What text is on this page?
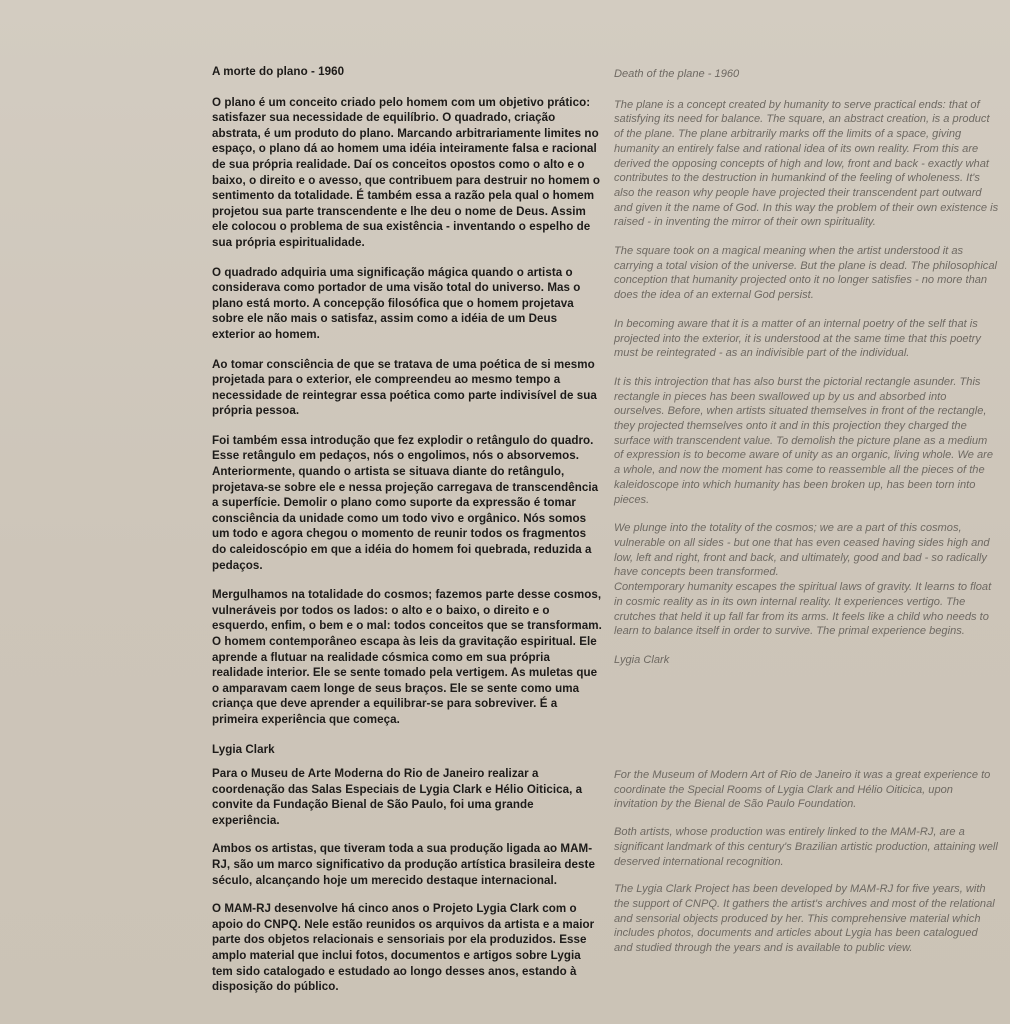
A morte do plano - 1960

O plano é um conceito criado pelo homem com um objetivo prático: satisfazer sua necessidade de equilíbrio. O quadrado, criação abstrata, é um produto do plano. Marcando arbitrariamente limites no espaço, o plano dá ao homem uma idéia inteiramente falsa e racional de sua própria realidade. Daí os conceitos opostos como o alto e o baixo, o direito e o avesso, que contribuem para destruir no homem o sentimento da totalidade. É também essa a razão pela qual o homem projetou sua parte transcendente e lhe deu o nome de Deus. Assim ele colocou o problema de sua existência - inventando o espelho de sua própria espiritualidade.

O quadrado adquiria uma significação mágica quando o artista o considerava como portador de uma visão total do universo. Mas o plano está morto. A concepção filosófica que o homem projetava sobre ele não mais o satisfaz, assim como a idéia de um Deus exterior ao homem.

Ao tomar consciência de que se tratava de uma poética de si mesmo projetada para o exterior, ele compreendeu ao mesmo tempo a necessidade de reintegrar essa poética como parte indivisível de sua própria pessoa.

Foi também essa introdução que fez explodir o retângulo do quadro. Esse retângulo em pedaços, nós o engolimos, nós o absorvemos. Anteriormente, quando o artista se situava diante do retângulo, projetava-se sobre ele e nessa projeção carregava de transcendência a superfície. Demolir o plano como suporte da expressão é tomar consciência da unidade como um todo vivo e orgânico. Nós somos um todo e agora chegou o momento de reunir todos os fragmentos do caleidoscópio em que a idéia do homem foi quebrada, reduzida a pedaços.

Mergulhamos na totalidade do cosmos; fazemos parte desse cosmos, vulneráveis por todos os lados: o alto e o baixo, o direito e o esquerdo, enfim, o bem e o mal: todos conceitos que se transformam. O homem contemporâneo escapa às leis da gravitação espiritual. Ele aprende a flutuar na realidade cósmica como em sua própria realidade interior. Ele se sente tomado pela vertigem. As muletas que o amparavam caem longe de seus braços. Ele se sente como uma criança que deve aprender a equilibrar-se para sobreviver. É a primeira experiência que começa.

Lygia Clark

Death of the plane - 1960

The plane is a concept created by humanity to serve practical ends: that of satisfying its need for balance. The square, an abstract creation, is a product of the plane. The plane arbitrarily marks off the limits of a space, giving humanity an entirely false and rational idea of its own reality. From this are derived the opposing concepts of high and low, front and back - exactly what contributes to the destruction in humankind of the feeling of wholeness. It's also the reason why people have projected their transcendent part outward and given it the name of God. In this way the problem of their own existence is raised - in inventing the mirror of their own spirituality.

The square took on a magical meaning when the artist understood it as carrying a total vision of the universe. But the plane is dead. The philosophical conception that humanity projected onto it no longer satisfies - no more than does the idea of an external God persist.

In becoming aware that it is a matter of an internal poetry of the self that is projected into the exterior, it is understood at the same time that this poetry must be reintegrated - as an indivisible part of the individual.

It is this introjection that has also burst the pictorial rectangle asunder. This rectangle in pieces has been swallowed up by us and absorbed into ourselves. Before, when artists situated themselves in front of the rectangle, they projected themselves onto it and in this projection they charged the surface with transcendent value. To demolish the picture plane as a medium of expression is to become aware of unity as an organic, living whole. We are a whole, and now the moment has come to reassemble all the pieces of the kaleidoscope into which humanity has been broken up, has been torn into pieces.

We plunge into the totality of the cosmos; we are a part of this cosmos, vulnerable on all sides - but one that has even ceased having sides high and low, left and right, front and back, and ultimately, good and bad - so radically have concepts been transformed.

Contemporary humanity escapes the spiritual laws of gravity. It learns to float in cosmic reality as in its own internal reality. It experiences vertigo. The crutches that held it up fall far from its arms. It feels like a child who needs to learn to balance itself in order to survive. The primal experience begins.

Lygia Clark

Para o Museu de Arte Moderna do Rio de Janeiro realizar a coordenação das Salas Especiais de Lygia Clark e Hélio Oiticica, a convite da Fundação Bienal de São Paulo, foi uma grande experiência.

Ambos os artistas, que tiveram toda a sua produção ligada ao MAM-RJ, são um marco significativo da produção artística brasileira deste século, alcançando hoje um merecido destaque internacional.

O MAM-RJ desenvolve há cinco anos o Projeto Lygia Clark com o apoio do CNPQ. Nele estão reunidos os arquivos da artista e a maior parte dos objetos relacionais e sensoriais por ela produzidos. Esse amplo material que inclui fotos, documentos e artigos sobre Lygia tem sido catalogado e estudado ao longo desses anos, estando à disposição do público.

For the Museum of Modern Art of Rio de Janeiro it was a great experience to coordinate the Special Rooms of Lygia Clark and Hélio Oiticica, upon invitation by the Bienal de São Paulo Foundation.

Both artists, whose production was entirely linked to the MAM-RJ, are a significant landmark of this century's Brazilian artistic production, attaining well deserved international recognition.

The Lygia Clark Project has been developed by MAM-RJ for five years, with the support of CNPQ. It gathers the artist's archives and most of the relational and sensorial objects produced by her. This comprehensive material which includes photos, documents and articles about Lygia has been catalogued and studied through the years and is available to public view.
